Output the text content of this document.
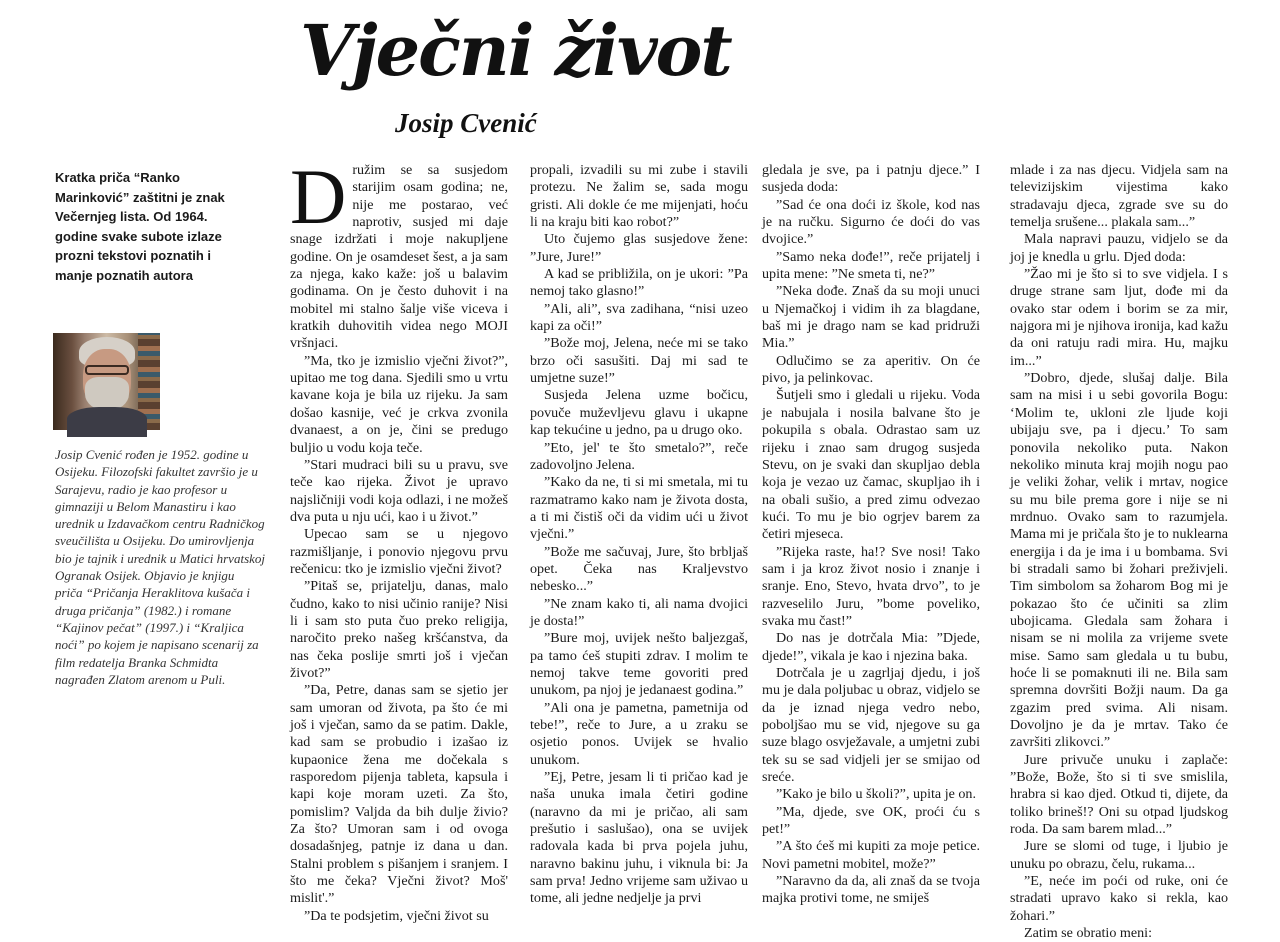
Vječni život
Josip Cvenić

Kratka priča “Ranko Marinković” zaštitni je znak Večernjeg lista. Od 1964. godine svake subote izlaze prozni tekstovi poznatih i manje poznatih autora

Josip Cvenić rođen je 1952. godine u Osijeku. Filozofski fakultet završio je u Sarajevu, radio je kao profesor u gimnaziji u Belom Manastiru i kao urednik u Izdavačkom centru Radničkog sveučilišta u Osijeku. Do umirovljenja bio je tajnik i urednik u Matici hrvatskoj Ogranak Osijek. Objavio je knjigu priča “Pričanja Heraklitova kušača i druga pričanja” (1982.) i romane “Kajinov pečat” (1997.) i “Kraljica noći” po kojem je napisano scenarij za film redatelja Branka Schmidta nagrađen Zlatom arenom u Puli.

Družim se sa susjedom starijim osam godina; ne, nije me postarao, već naprotiv, susjed mi daje snage izdržati i moje nakupljene godine. On je osamdeset šest, a ja sam za njega, kako kaže: još u balavim godinama. On je često duhovit i na mobitel mi stalno šalje više viceva i kratkih duhovitih videa nego MOJI vršnjaci.

”Ma, tko je izmislio vječni život?”, upitao me tog dana. Sjedili smo u vrtu kavane koja je bila uz rijeku. Ja sam došao kasnije, već je crkva zvonila dvanaest, a on je, čini se predugo buljio u vodu koja teče.

”Stari mudraci bili su u pravu, sve teče kao rijeka. Život je upravo najsličniji vodi koja odlazi, i ne možeš dva puta u nju ući, kao i u život.”

Upecao sam se u njegovo razmišljanje, i ponovio njegovu prvu rečenicu: tko je izmislio vječni život?

”Pitaš se, prijatelju, danas, malo čudno, kako to nisi učinio ranije? Nisi li i sam sto puta čuo preko religija, naročito preko našeg kršćanstva, da nas čeka poslije smrti još i vječan život?”

”Da, Petre, danas sam se sjetio jer sam umoran od života, pa što će mi još i vječan, samo da se patim. Dakle, kad sam se probudio i izašao iz kupaonice žena me dočekala s rasporedom pijenja tableta, kapsula i kapi koje moram uzeti. Za što, pomislim? Valjda da bih dulje živio? Za što? Umoran sam i od ovoga dosadašnjeg, patnje iz dana u dan. Stalni problem s pišanjem i sranjem. I što me čeka? Vječni život? Moš' mislit'.”

”Da te podsjetim, vječni život su

propali, izvadili su mi zube i stavili protezu. Ne žalim se, sada mogu gristi. Ali dokle će me mijenjati, hoću li na kraju biti kao robot?”

Uto čujemo glas susjedove žene: ”Jure, Jure!”

A kad se približila, on je ukori: ”Pa nemoj tako glasno!”

”Ali, ali”, sva zadihana, “nisi uzeo kapi za oči!”

”Bože moj, Jelena, neće mi se tako brzo oči sasušiti. Daj mi sad te umjetne suze!”

Susjeda Jelena uzme bočicu, povuče muževljevu glavu i ukapne kap tekućine u jedno, pa u drugo oko.

”Eto, jel' te što smetalo?”, reče zadovoljno Jelena.

”Kako da ne, ti si mi smetala, mi tu razmatramo kako nam je života dosta, a ti mi čistiš oči da vidim ući u život vječni.”

”Bože me sačuvaj, Jure, što brbljaš opet. Čeka nas Kraljevstvo nebesko...”

”Ne znam kako ti, ali nama dvojici je dosta!”

”Bure moj, uvijek nešto baljezgaš, pa tamo ćeš stupiti zdrav. I molim te nemoj takve teme govoriti pred unukom, pa njoj je jedanaest godina.”

”Ali ona je pametna, pametnija od tebe!”, reče to Jure, a u zraku se osjetio ponos. Uvijek se hvalio unukom.

”Ej, Petre, jesam li ti pričao kad je naša unuka imala četiri godine (naravno da mi je pričao, ali sam prešutio i saslušao), ona se uvijek radovala kada bi prva pojela juhu, naravno bakinu juhu, i viknula bi: Ja sam prva! Jedno vrijeme sam uživao u tome, ali jedne nedjelje ja prvi

gledala je sve, pa i patnju djece.” I susjeda doda:

”Sad će ona doći iz škole, kod nas je na ručku. Sigurno će doći do vas dvojice.”

”Samo neka dođe!”, reče prijatelj i upita mene: ”Ne smeta ti, ne?”

”Neka dođe. Znaš da su moji unuci u Njemačkoj i vidim ih za blagdane, baš mi je drago nam se kad pridruži Mia.”

Odlučimo se za aperitiv. On će pivo, ja pelinkovac.

Šutjeli smo i gledali u rijeku. Voda je nabujala i nosila balvane što je pokupila s obala. Odrastao sam uz rijeku i znao sam drugog susjeda Stevu, on je svaki dan skupljao debla koja je vezao uz čamac, skupljao ih i na obali sušio, a pred zimu odvezao kući. To mu je bio ogrjev barem za četiri mjeseca.

”Rijeka raste, ha!? Sve nosi! Tako sam i ja kroz život nosio i znanje i sranje. Eno, Stevo, hvata drvo”, to je razveselilo Juru, ”bome poveliko, svaka mu čast!”

Do nas je dotrčala Mia: ”Djede, djede!”, vikala je kao i njezina baka.

Dotrčala je u zagrljaj djedu, i još mu je dala poljubac u obraz, vidjelo se da je iznad njega vedro nebo, poboljšao mu se vid, njegove su ga suze blago osvježavale, a umjetni zubi tek su se sad vidjeli jer se smijao od sreće.

”Kako je bilo u školi?”, upita je on.

”Ma, djede, sve OK, proći ću s pet!”

”A što ćeš mi kupiti za moje petice. Novi pametni mobitel, može?”

”Naravno da da, ali znaš da se tvoja majka protivi tome, ne smiješ

mlade i za nas djecu. Vidjela sam na televizijskim vijestima kako stradavaju djeca, zgrade sve su do temelja srušene... plakala sam...”

Mala napravi pauzu, vidjelo se da joj je knedla u grlu. Djed doda:

”Žao mi je što si to sve vidjela. I s druge strane sam ljut, dođe mi da ovako star odem i borim se za mir, najgora mi je njihova ironija, kad kažu da oni ratuju radi mira. Hu, majku im...”

”Dobro, djede, slušaj dalje. Bila sam na misi i u sebi govorila Bogu: ‘Molim te, ukloni zle ljude koji ubijaju sve, pa i djecu.’ To sam ponovila nekoliko puta. Nakon nekoliko minuta kraj mojih nogu pao je veliki žohar, velik i mrtav, nogice su mu bile prema gore i nije se ni mrdnuo. Ovako sam to razumjela. Mama mi je pričala što je to nuklearna energija i da je ima i u bombama. Svi bi stradali samo bi žohari preživjeli. Tim simbolom sa žoharom Bog mi je pokazao što će učiniti sa zlim ubojicama. Gledala sam žohara i nisam se ni molila za vrijeme svete mise. Samo sam gledala u tu bubu, hoće li se pomaknuti ili ne. Bila sam spremna dovršiti Božji naum. Da ga zgazim pred svima. Ali nisam. Dovoljno je da je mrtav. Tako će završiti zlikovci.”

Jure privuče unuku i zaplače: ”Bože, Bože, što si ti sve smislila, hrabra si kao djed. Otkud ti, dijete, da toliko brineš!? Oni su otpad ljudskog roda. Da sam barem mlad...”

Jure se slomi od tuge, i ljubio je unuku po obrazu, čelu, rukama...

”E, neće im poći od ruke, oni će stradati upravo kako si rekla, kao žohari.”

Zatim se obratio meni:
